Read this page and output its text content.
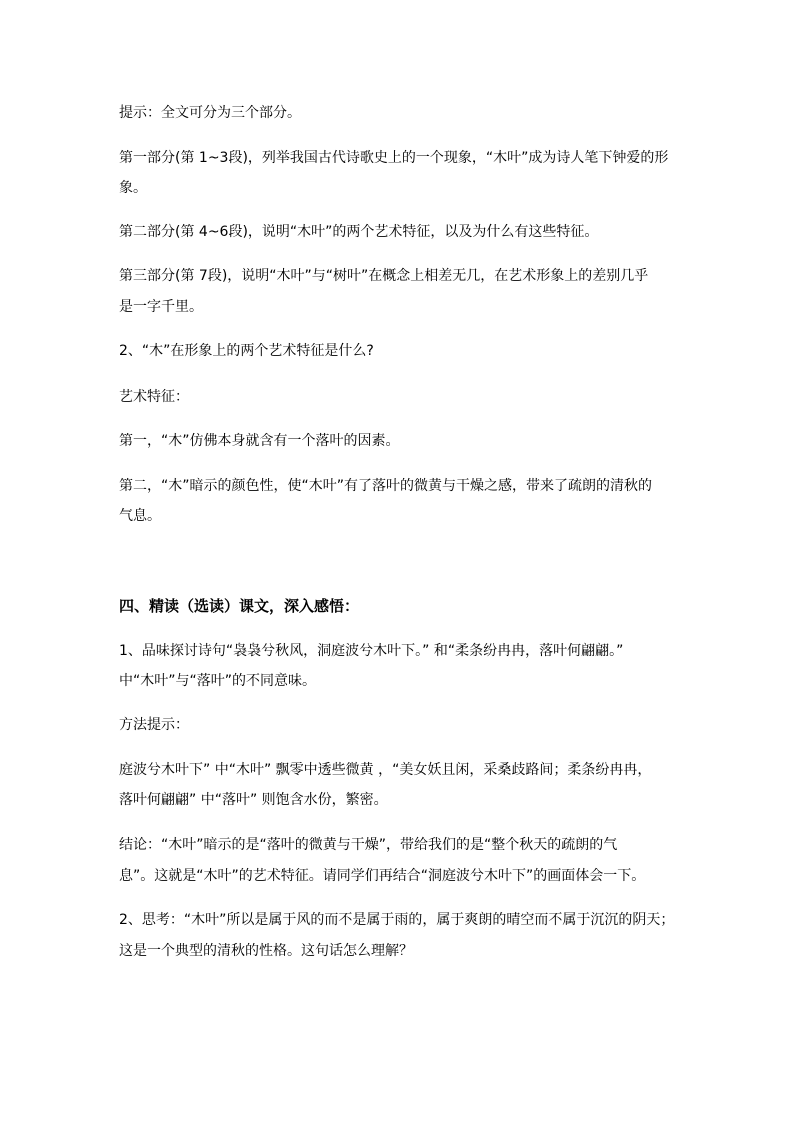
提示：全文可分为三个部分。
第一部分(第 1~3段)，列举我国古代诗歌史上的一个现象，“木叶”成为诗人笔下钟爱的形
象。
第二部分(第 4~6段)，说明“木叶”的两个艺术特征，以及为什么有这些特征。
第三部分(第 7段)，说明“木叶”与“树叶”在概念上相差无几，在艺术形象上的差别几乎
是一字千里。
2、“木”在形象上的两个艺术特征是什么?
艺术特征：
第一，“木”仿佛本身就含有一个落叶的因素。
第二，“木”暗示的颜色性，使“木叶”有了落叶的微黄与干燥之感，带来了疏朗的清秋的
气息。
四、精读（选读）课文，深入感悟：
1、品味探讨诗句“袅袅兮秋风，洞庭波兮木叶下。” 和“柔条纷冉冉，落叶何翩翩。”
中“木叶”与“落叶”的不同意味。
方法提示：
庭波兮木叶下” 中“木叶” 飘零中透些微黄 ，“美女妖且闲，采桑歧路间；柔条纷冉冉，
落叶何翩翩” 中“落叶” 则饱含水份，繁密。
结论：“木叶”暗示的是“落叶的微黄与干燥”，带给我们的是“整个秋天的疏朗的气
息”。这就是“木叶”的艺术特征。请同学们再结合“洞庭波兮木叶下”的画面体会一下。
2、思考：“木叶”所以是属于风的而不是属于雨的，属于爽朗的晴空而不属于沉沉的阴天；
这是一个典型的清秋的性格。这句话怎么理解？
